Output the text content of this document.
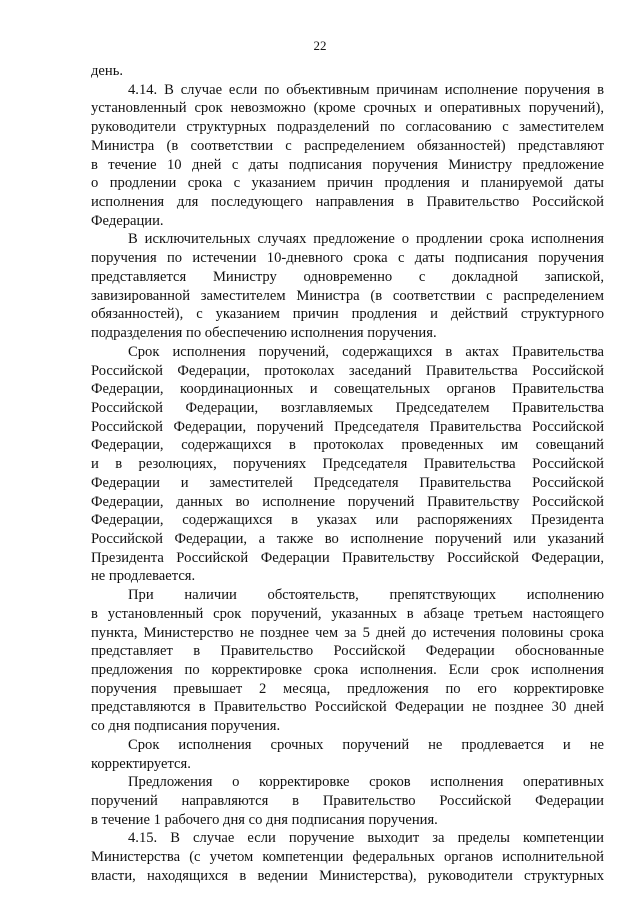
22
день.
4.14. В случае если по объективным причинам исполнение поручения в
установленный срок невозможно (кроме срочных и оперативных поручений),
руководители структурных подразделений по согласованию с заместителем
Министра (в соответствии с распределением обязанностей) представляют
в течение 10 дней с даты подписания поручения Министру предложение
о продлении срока с указанием причин продления и планируемой даты
исполнения для последующего направления в Правительство Российской
Федерации.
В исключительных случаях предложение о продлении срока исполнения
поручения по истечении 10-дневного срока с даты подписания поручения
представляется Министру одновременно с докладной запиской,
завизированной заместителем Министра (в соответствии с распределением
обязанностей), с указанием причин продления и действий структурного
подразделения по обеспечению исполнения поручения.
Срок исполнения поручений, содержащихся в актах Правительства
Российской Федерации, протоколах заседаний Правительства Российской
Федерации, координационных и совещательных органов Правительства
Российской Федерации, возглавляемых Председателем Правительства
Российской Федерации, поручений Председателя Правительства Российской
Федерации, содержащихся в протоколах проведенных им совещаний
и в резолюциях, поручениях Председателя Правительства Российской
Федерации и заместителей Председателя Правительства Российской
Федерации, данных во исполнение поручений Правительству Российской
Федерации, содержащихся в указах или распоряжениях Президента
Российской Федерации, а также во исполнение поручений или указаний
Президента Российской Федерации Правительству Российской Федерации,
не продлевается.
При наличии обстоятельств, препятствующих исполнению
в установленный срок поручений, указанных в абзаце третьем настоящего
пункта, Министерство не позднее чем за 5 дней до истечения половины срока
представляет в Правительство Российской Федерации обоснованные
предложения по корректировке срока исполнения. Если срок исполнения
поручения превышает 2 месяца, предложения по его корректировке
представляются в Правительство Российской Федерации не позднее 30 дней
со дня подписания поручения.
Срок исполнения срочных поручений не продлевается и не
корректируется.
Предложения о корректировке сроков исполнения оперативных
поручений направляются в Правительство Российской Федерации
в течение 1 рабочего дня со дня подписания поручения.
4.15. В случае если поручение выходит за пределы компетенции
Министерства (с учетом компетенции федеральных органов исполнительной
власти, находящихся в ведении Министерства), руководители структурных
